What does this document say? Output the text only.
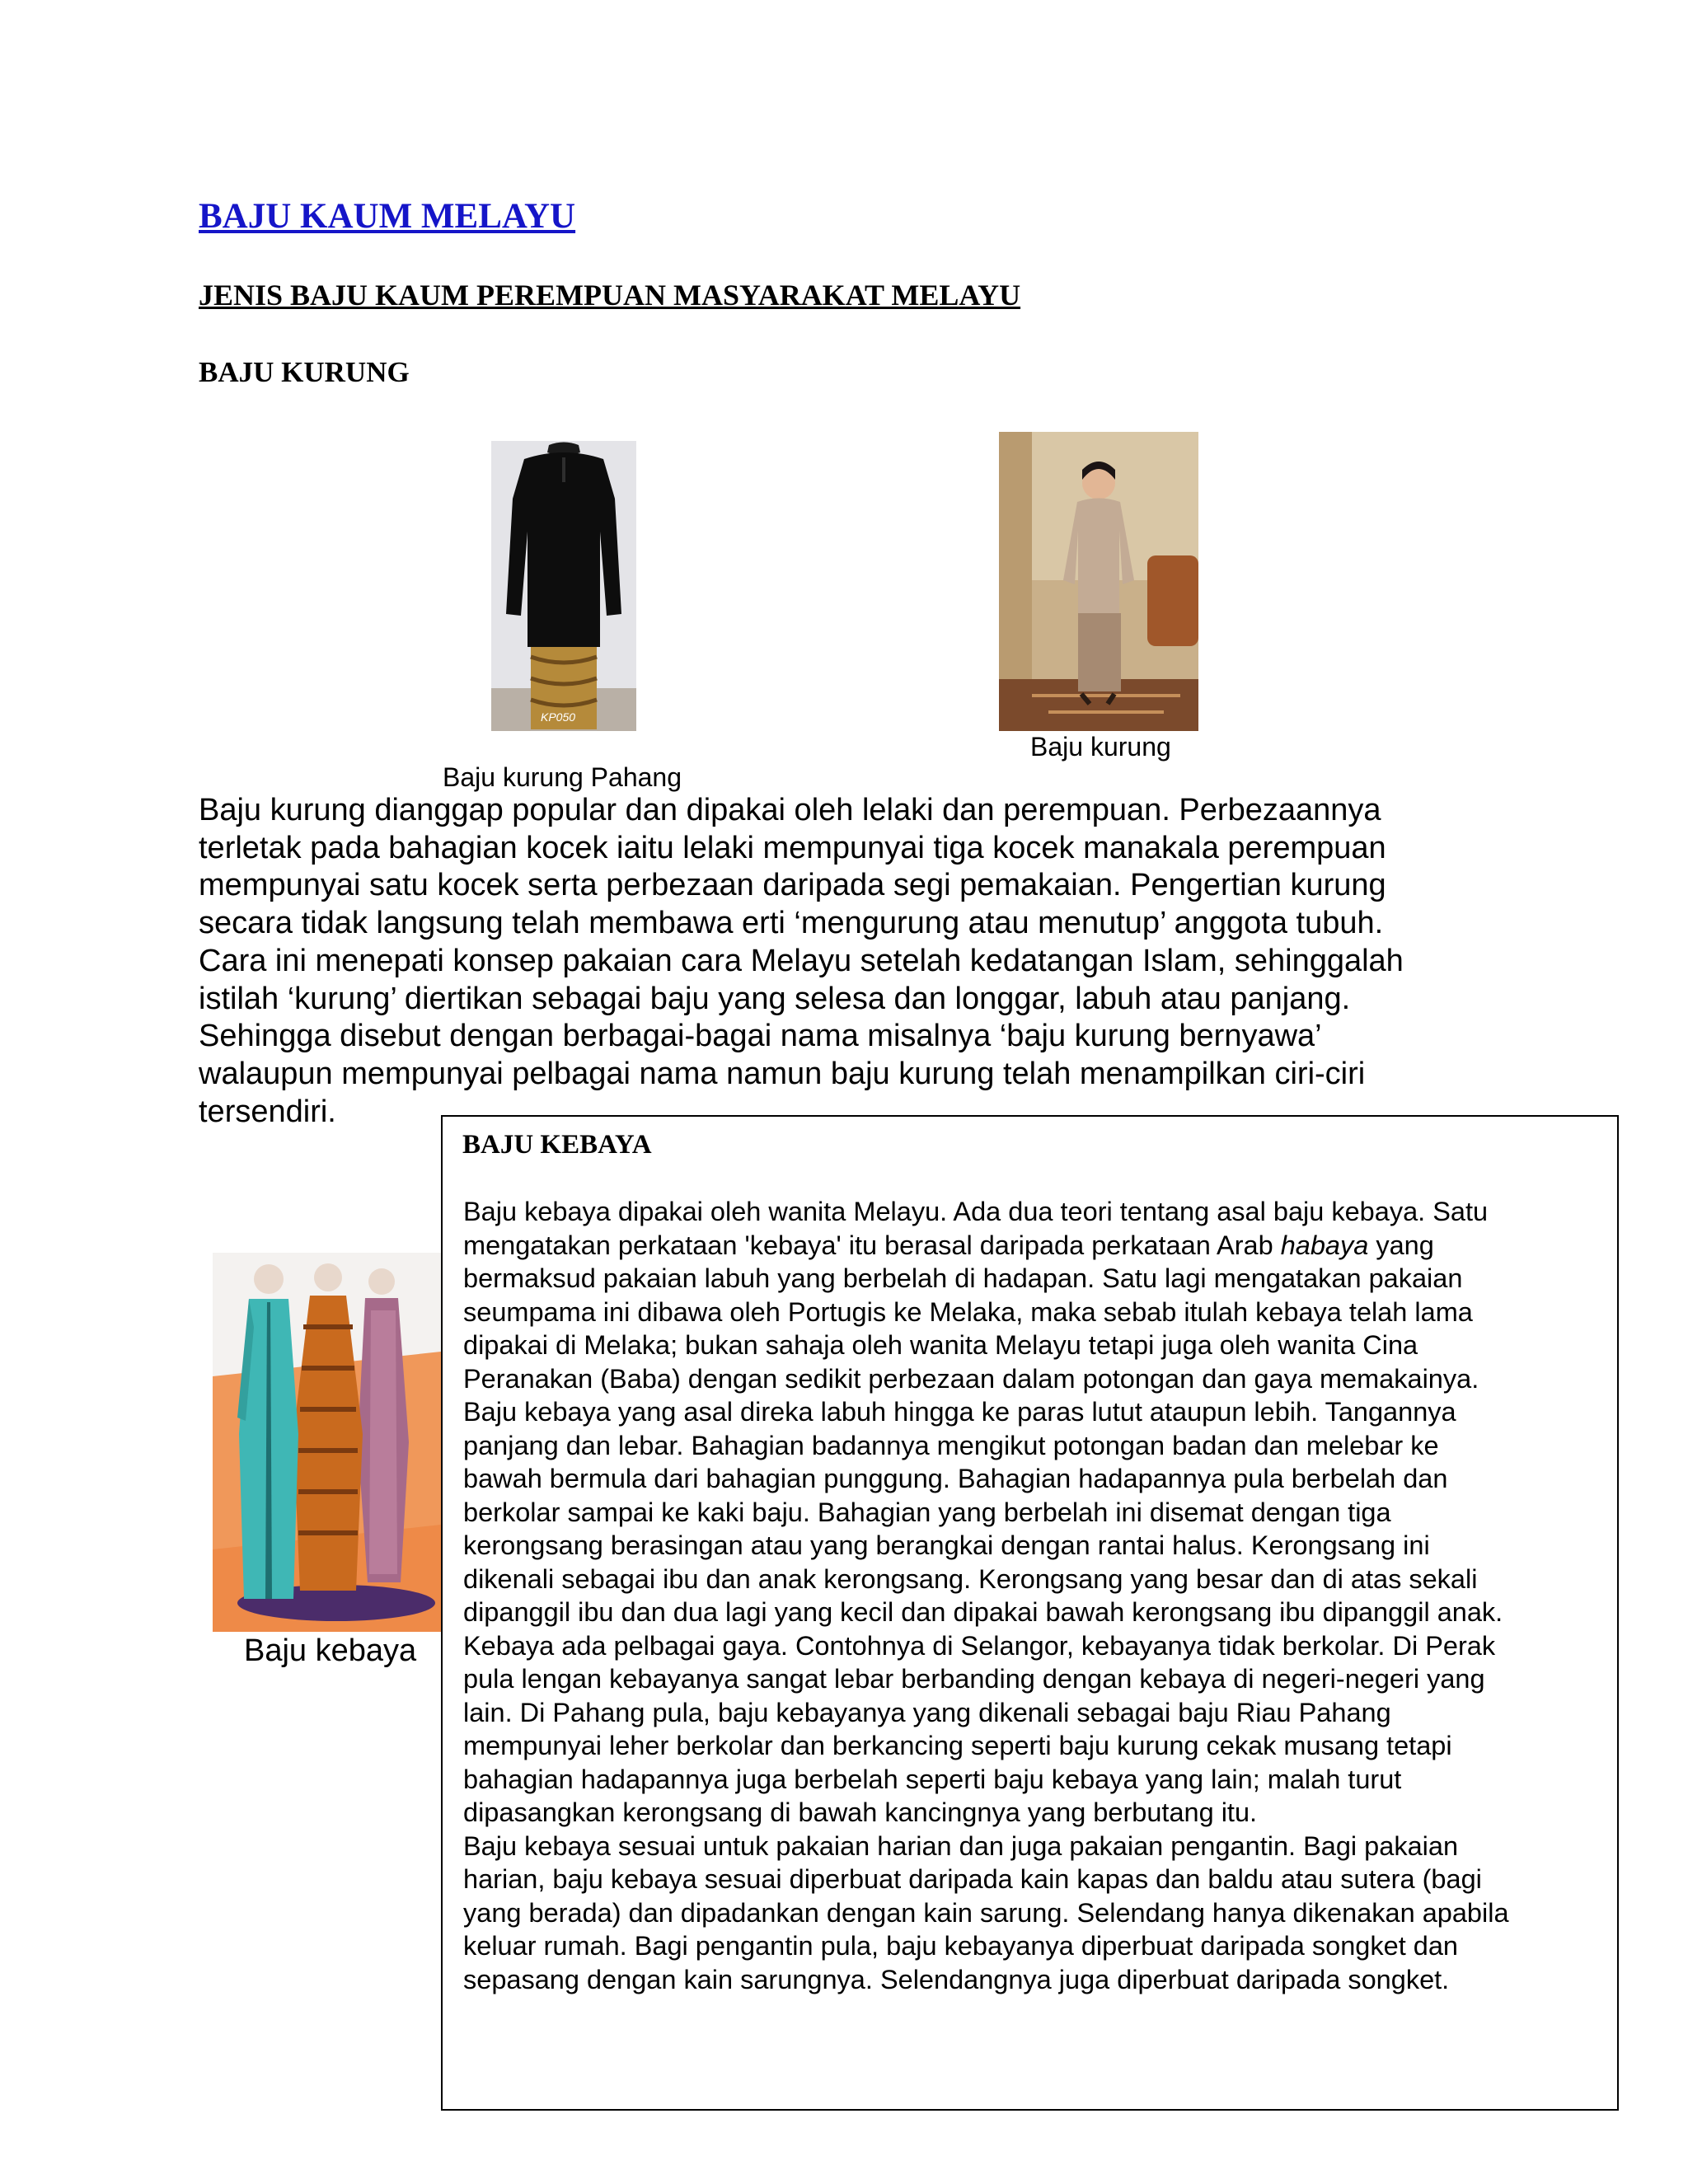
BAJU KAUM MELAYU
JENIS BAJU KAUM PEREMPUAN MASYARAKAT MELAYU
BAJU KURUNG
KP050
Baju kurung Pahang
Baju kurung
Baju kurung dianggap popular dan dipakai oleh lelaki dan perempuan. Perbezaannya
terletak pada bahagian kocek iaitu lelaki mempunyai tiga kocek manakala perempuan
mempunyai satu kocek serta perbezaan daripada segi pemakaian. Pengertian kurung
secara tidak langsung telah membawa erti ‘mengurung atau menutup’ anggota tubuh.
Cara ini menepati konsep pakaian cara Melayu setelah kedatangan Islam, sehinggalah
istilah ‘kurung’ diertikan sebagai baju yang selesa dan longgar, labuh atau panjang.
Sehingga disebut dengan berbagai-bagai nama misalnya ‘baju kurung bernyawa’
walaupun mempunyai pelbagai nama namun baju kurung telah menampilkan ciri-ciri
tersendiri.
Baju kebaya
BAJU KEBAYA
Baju kebaya dipakai oleh wanita Melayu. Ada dua teori tentang asal baju kebaya. Satu
mengatakan perkataan 'kebaya' itu berasal daripada perkataan Arab habaya yang
bermaksud pakaian labuh yang berbelah di hadapan. Satu lagi mengatakan pakaian
seumpama ini dibawa oleh Portugis ke Melaka, maka sebab itulah kebaya telah lama
dipakai di Melaka; bukan sahaja oleh wanita Melayu tetapi juga oleh wanita Cina
Peranakan (Baba) dengan sedikit perbezaan dalam potongan dan gaya memakainya.
Baju kebaya yang asal direka labuh hingga ke paras lutut ataupun lebih. Tangannya
panjang dan lebar. Bahagian badannya mengikut potongan badan dan melebar ke
bawah bermula dari bahagian punggung. Bahagian hadapannya pula berbelah dan
berkolar sampai ke kaki baju. Bahagian yang berbelah ini disemat dengan tiga
kerongsang berasingan atau yang berangkai dengan rantai halus. Kerongsang ini
dikenali sebagai ibu dan anak kerongsang. Kerongsang yang besar dan di atas sekali
dipanggil ibu dan dua lagi yang kecil dan dipakai bawah kerongsang ibu dipanggil anak.
Kebaya ada pelbagai gaya. Contohnya di Selangor, kebayanya tidak berkolar. Di Perak
pula lengan kebayanya sangat lebar berbanding dengan kebaya di negeri-negeri yang
lain. Di Pahang pula, baju kebayanya yang dikenali sebagai baju Riau Pahang
mempunyai leher berkolar dan berkancing seperti baju kurung cekak musang tetapi
bahagian hadapannya juga berbelah seperti baju kebaya yang lain; malah turut
dipasangkan kerongsang di bawah kancingnya yang berbutang itu.
Baju kebaya sesuai untuk pakaian harian dan juga pakaian pengantin. Bagi pakaian
harian, baju kebaya sesuai diperbuat daripada kain kapas dan baldu atau sutera (bagi
yang berada) dan dipadankan dengan kain sarung. Selendang hanya dikenakan apabila
keluar rumah. Bagi pengantin pula, baju kebayanya diperbuat daripada songket dan
sepasang dengan kain sarungnya. Selendangnya juga diperbuat daripada songket.
